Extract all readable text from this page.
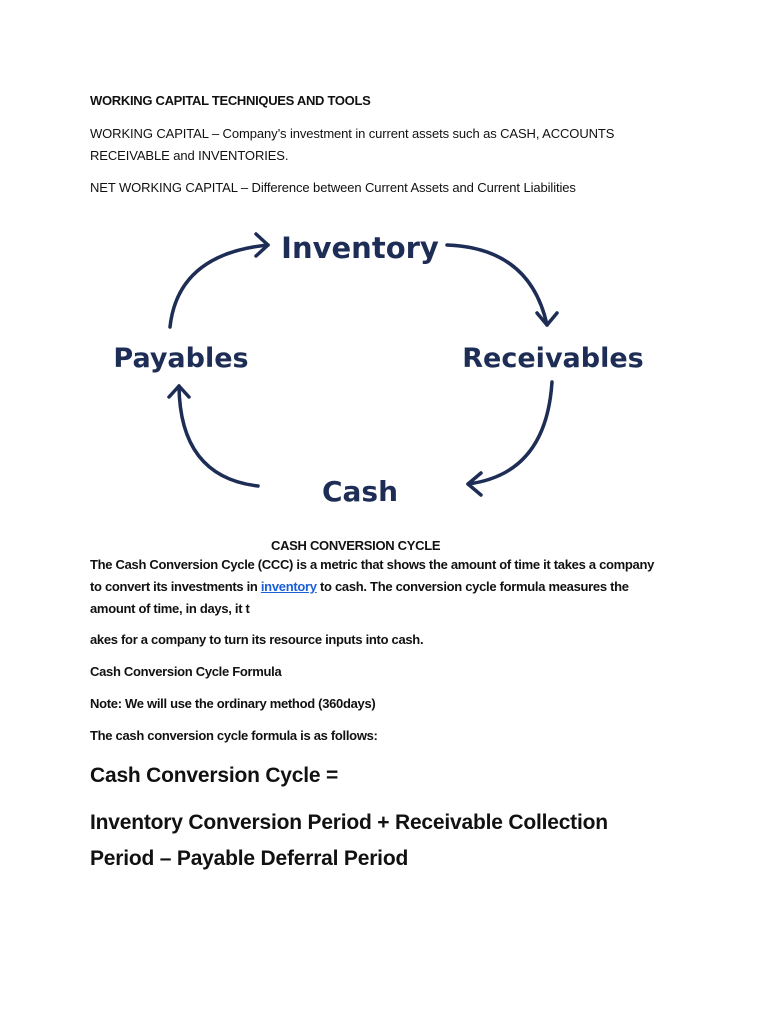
WORKING CAPITAL TECHNIQUES AND TOOLS

WORKING CAPITAL – Company’s investment in current assets such as CASH, ACCOUNTS

RECEIVABLE and INVENTORIES.

NET WORKING CAPITAL – Difference between Current Assets and Current Liabilities

Inventory
Receivables
Cash
Payables

CASH CONVERSION CYCLE

The Cash Conversion Cycle (CCC) is a metric that shows the amount of time it takes a company

to convert its investments in inventory to cash. The conversion cycle formula measures the

amount of time, in days, it t

akes for a company to turn its resource inputs into cash.

Cash Conversion Cycle Formula

Note: We will use the ordinary method (360days)

The cash conversion cycle formula is as follows:

Cash Conversion Cycle =

Inventory Conversion Period + Receivable Collection

Period – Payable Deferral Period
